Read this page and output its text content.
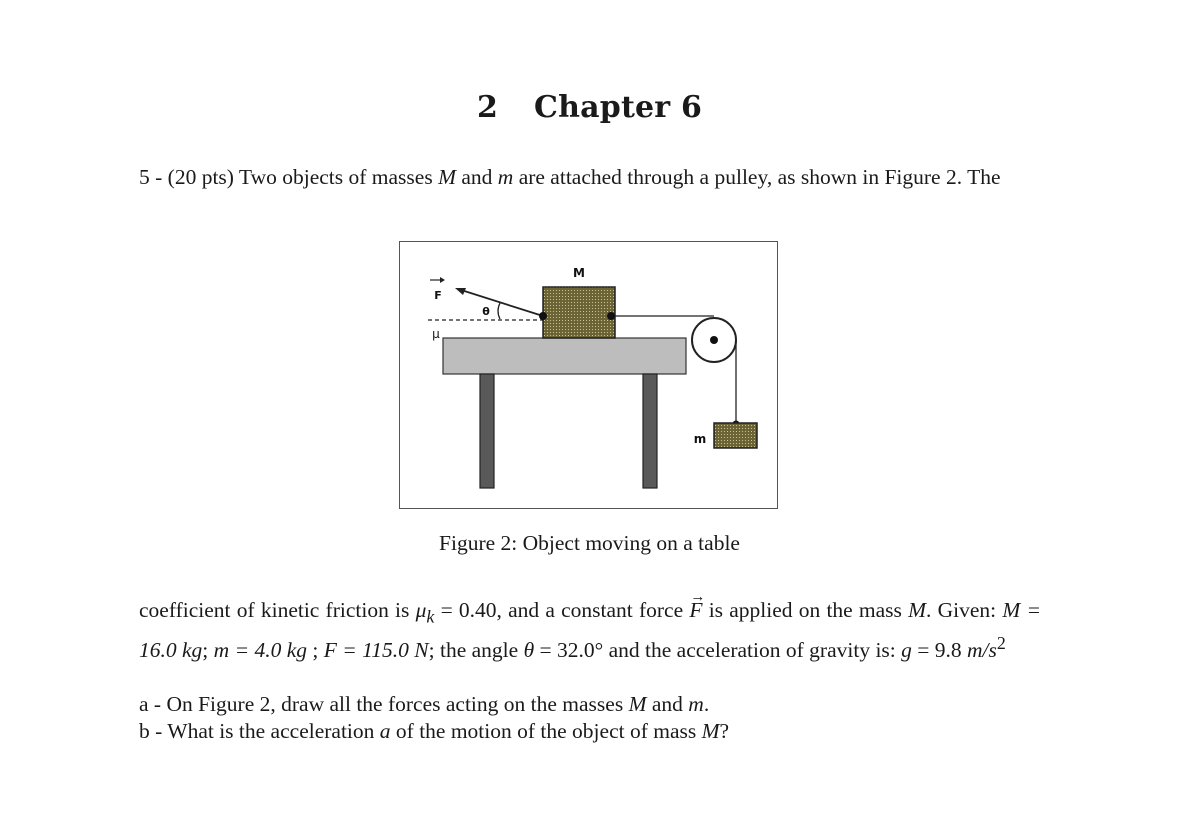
2 Chapter 6
5 - (20 pts) Two objects of masses M and m are attached through a pulley, as shown in Figure 2. The
M
θ
F
μ
m
Figure 2: Object moving on a table
coefficient of kinetic friction is $\mu_k = 0.40$, and a constant force → F is applied on the mass M. Given: M = 16.0 kg; m = 4.0 kg ; F = 115.0 N; the angle θ = 32.0° and the acceleration of gravity is: g = 9.8 $m/s^2$
a - On Figure 2, draw all the forces acting on the masses M and m.
b - What is the acceleration a of the motion of the object of mass M?
